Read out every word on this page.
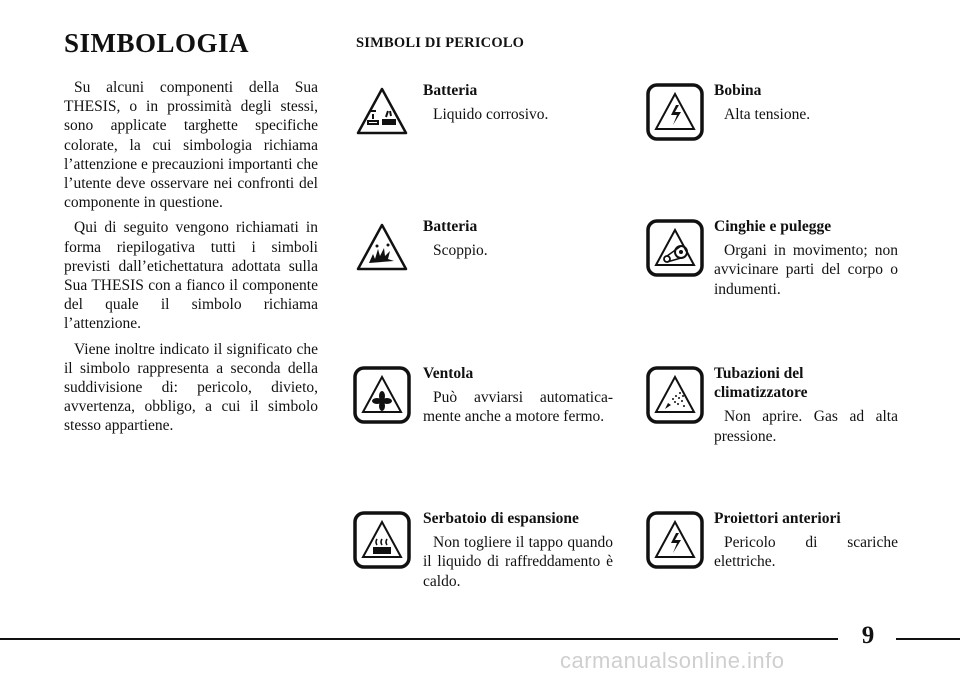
SIMBOLOGIA

Su alcuni componenti della Sua THESIS, o in prossimità degli stessi, sono applicate targhette specifiche colorate, la cui simbologia richiama l’attenzione e precauzioni importanti che l’utente deve osservare nei confronti del componente in questione.

Qui di seguito vengono richiamati in forma riepilogativa tutti i simboli previsti dall’etichettatura adottata sulla Sua THESIS con a fianco il componente del quale il simbolo richiama l’attenzione.

Viene inoltre indicato il significato che il simbolo rappresenta a seconda della suddivisione di: pericolo, divieto, avvertenza, obbligo, a cui il simbolo stesso appartiene.

SIMBOLI DI PERICOLO
Batteria
Liquido corrosivo.
Bobina
Alta tensione.
Batteria
Scoppio.
Cinghie e pulegge
Organi in movimento; non avvicinare parti del corpo o indumenti.
Ventola
Può avviarsi automatica-mente anche a motore fermo.
Tubazioni del climatizzatore
Non aprire. Gas ad alta pressione.
Serbatoio di espansione
Non togliere il tappo quando il liquido di raffreddamento è caldo.
Proiettori anteriori
Pericolo di scariche elettriche.
9
carmanualsonline.info
